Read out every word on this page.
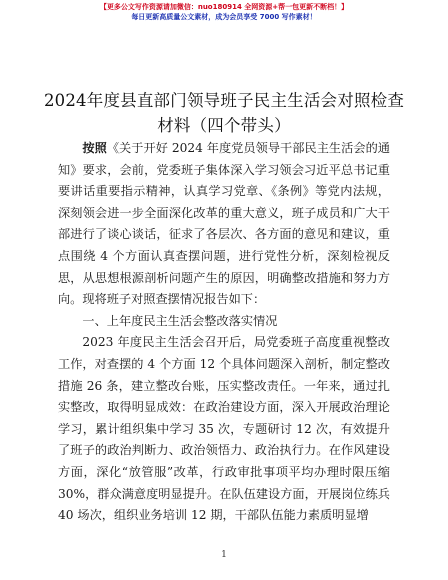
【更多公文写作资源请加微信：nuo180914 全网资源+帮一包更新不断档！】
每日更新高质量公文素材，成为会员享受 7000 写作素材！
2024年度县直部门领导班子民主生活会对照检查材料（四个带头）

按照《关于开好 2024 年度党员领导干部民主生活会的通知》要求，会前，党委班子集体深入学习领会习近平总书记重要讲话重要指示精神，认真学习党章、《条例》等党内法规，深刻领会进一步全面深化改革的重大意义，班子成员和广大干部进行了谈心谈话，征求了各层次、各方面的意见和建议，重点围绕 4 个方面认真查摆问题，进行党性分析，深刻检视反思，从思想根源剖析问题产生的原因，明确整改措施和努力方向。现将班子对照查摆情况报告如下：

一、上年度民主生活会整改落实情况

2023 年度民主生活会召开后，局党委班子高度重视整改工作，对查摆的 4 个方面 12 个具体问题深入剖析，制定整改措施 26 条，建立整改台账，压实整改责任。一年来，通过扎实整改，取得明显成效：在政治建设方面，深入开展政治理论学习，累计组织集中学习 35 次，专题研讨 12 次，有效提升了班子的政治判断力、政治领悟力、政治执行力。在作风建设方面，深化“放管服”改革，行政审批事项平均办理时限压缩 30%，群众满意度明显提升。在队伍建设方面，开展岗位练兵 40 场次，组织业务培训 12 期，干部队伍能力素质明显增

1
